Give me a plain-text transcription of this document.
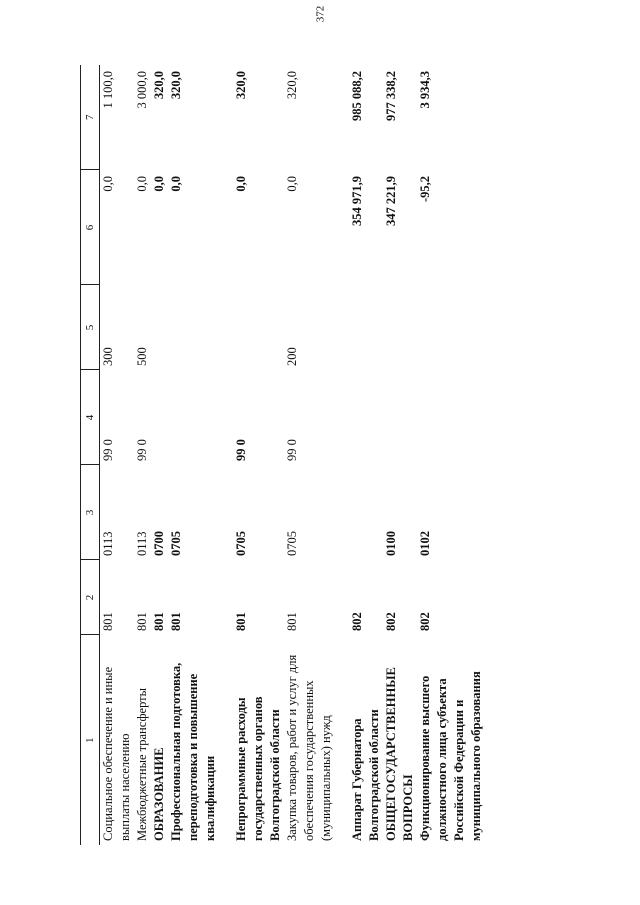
372
1	2	3	4	5	6	7
Социальное обеспечение и иные выплаты населению	801	0113	99 0	300	0,0	1 100,0
Межбюджетные трансферты	801	0113	99 0	500	0,0	3 000,0
ОБРАЗОВАНИЕ	801	0700			0,0	320,0
Профессиональная подготовка, переподготовка и повышение квалификации	801	0705			0,0	320,0
Непрограммные расходы государственных органов Волгоградской области	801	0705	99 0		0,0	320,0
Закупка товаров, работ и услуг для обеспечения государственных (муниципальных) нужд	801	0705	99 0	200	0,0	320,0
Аппарат Губернатора Волгоградской области	802				354 971,9	985 088,2
ОБЩЕГОСУДАРСТВЕННЫЕ ВОПРОСЫ	802	0100			347 221,9	977 338,2
Функционирование высшего должностного лица субъекта Российской Федерации и муниципального образования	802	0102			-95,2	3 934,3
